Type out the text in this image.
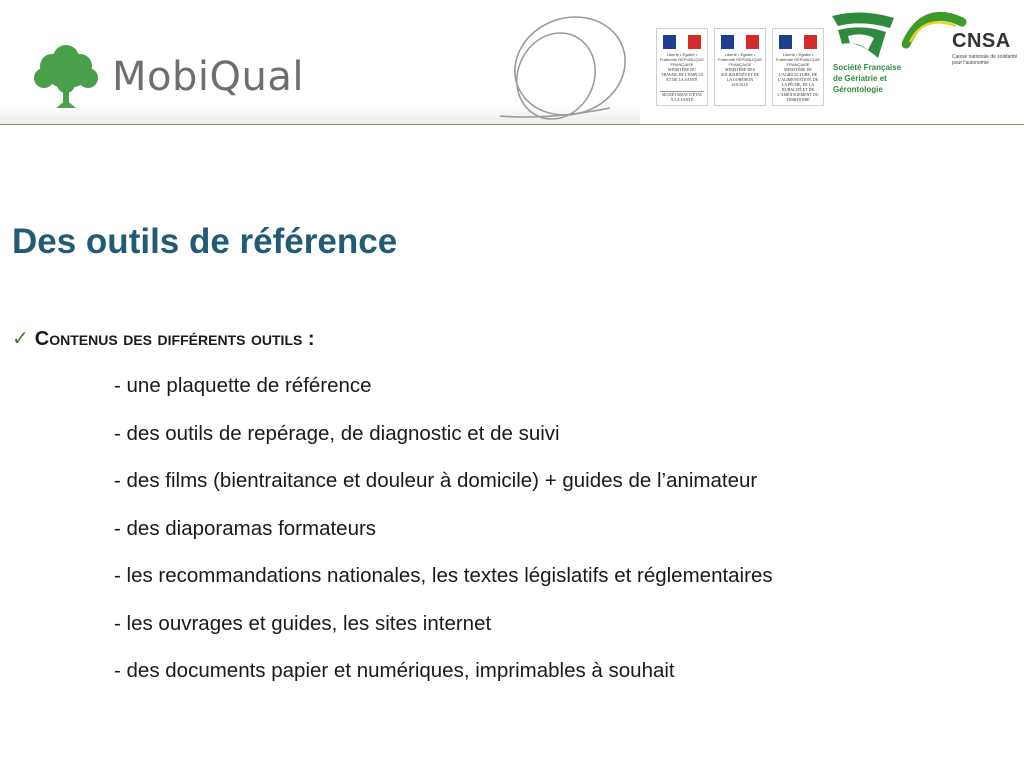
MobiQual	Liberté • Égalité • Fraternité RÉPUBLIQUE FRANÇAISE
MINISTÈRE DU TRAVAIL DE L'EMPLOI ET DE LA SANTÉ
SECRÉTARIAT D'ÉTAT À LA SANTÉ
Liberté • Égalité • Fraternité RÉPUBLIQUE FRANÇAISE
MINISTÈRE DES SOLIDARITÉS ET DE LA COHÉSION SOCIALE
Liberté • Égalité • Fraternité RÉPUBLIQUE FRANÇAISE
MINISTÈRE DE L'AGRICULTURE, DE L'ALIMENTATION, DE LA PÊCHE, DE LA RURALITÉ ET DE L'AMÉNAGEMENT DU TERRITOIRE
Société Française de Gériatrie et Gérontologie
CNSA
Caisse nationale de solidarité pour l'autonomie
Des outils de référence
✓ Contenus des différents outils :
- une plaquette de référence
- des outils de repérage, de diagnostic et de suivi
- des films (bientraitance et douleur à domicile) + guides de l’animateur
- des diaporamas formateurs
- les recommandations nationales, les textes législatifs et réglementaires
- les ouvrages et guides, les sites internet
- des documents papier et numériques, imprimables à souhait
